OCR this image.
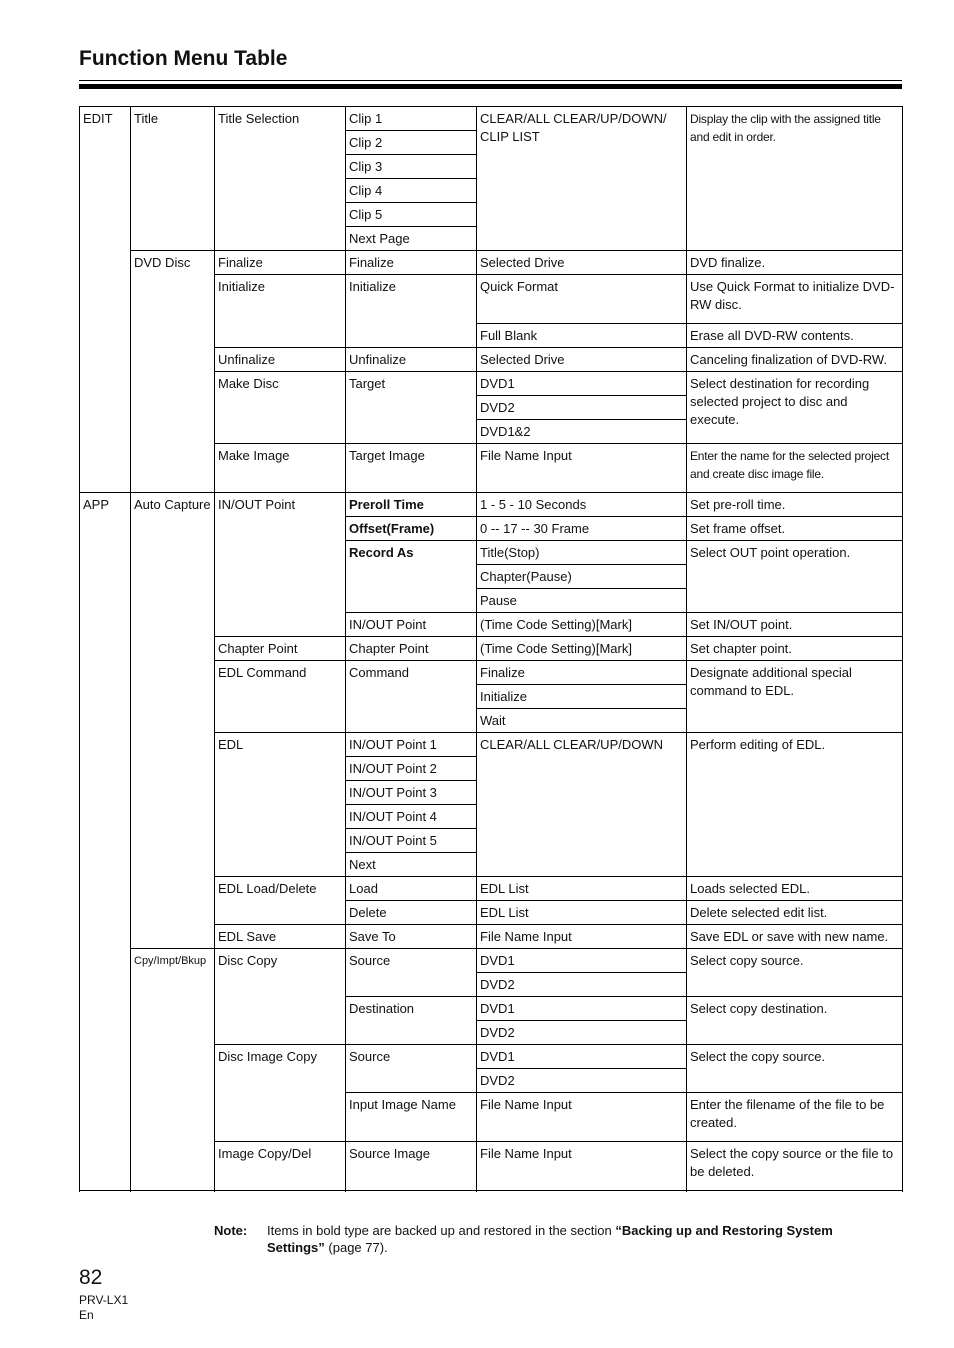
Function Menu Table
EDIT	Title	Title Selection	Clip 1	CLEAR/ALL CLEAR/UP/DOWN/ CLIP LIST	Display the clip with the assigned title and edit in order.
			Clip 2		
			Clip 3		
			Clip 4		
			Clip 5		
			Next Page		
	DVD Disc	Finalize	Finalize	Selected Drive	DVD finalize.
		Initialize	Initialize	Quick Format	Use Quick Format to initialize DVD-RW disc.
				Full Blank	Erase all DVD-RW contents.
		Unfinalize	Unfinalize	Selected Drive	Canceling finalization of DVD-RW.
		Make Disc	Target	DVD1	Select destination for recording selected project to disc and execute.
				DVD2	
				DVD1&2	
		Make Image	Target Image	File Name Input	Enter the name for the selected project and create disc image file.

APP	Auto Capture	IN/OUT Point	Preroll Time	1 - 5 - 10 Seconds	Set pre-roll time.
			Offset(Frame)	0 -- 17 -- 30 Frame	Set frame offset.
			Record As	Title(Stop)	Select OUT point operation.
				Chapter(Pause)	
				Pause	
			IN/OUT Point	(Time Code Setting)[Mark]	Set IN/OUT point.
		Chapter Point	Chapter Point	(Time Code Setting)[Mark]	Set chapter point.
		EDL Command	Command	Finalize	Designate additional special command to EDL.
				Initialize	
				Wait	
		EDL	IN/OUT Point 1	CLEAR/ALL CLEAR/UP/DOWN	Perform editing of EDL.
			IN/OUT Point 2		
			IN/OUT Point 3		
			IN/OUT Point 4		
			IN/OUT Point 5		
			Next		
		EDL Load/Delete	Load	EDL List	Loads selected EDL.
			Delete	EDL List	Delete selected edit list.
		EDL Save	Save To	File Name Input	Save EDL or save with new name.
	Cpy/Impt/Bkup	Disc Copy	Source	DVD1	Select copy source.
				DVD2	
			Destination	DVD1	Select copy destination.
				DVD2	
		Disc Image Copy	Source	DVD1	Select the copy source.
				DVD2	
			Input Image Name	File Name Input	Enter the filename of the file to be created.

		Image Copy/Del	Source Image	File Name Input	Select the copy source or the file to be deleted.

Note: Items in bold type are backed up and restored in the section “Backing up and Restoring System Settings” (page 77).
82
PRV-LX1
En
